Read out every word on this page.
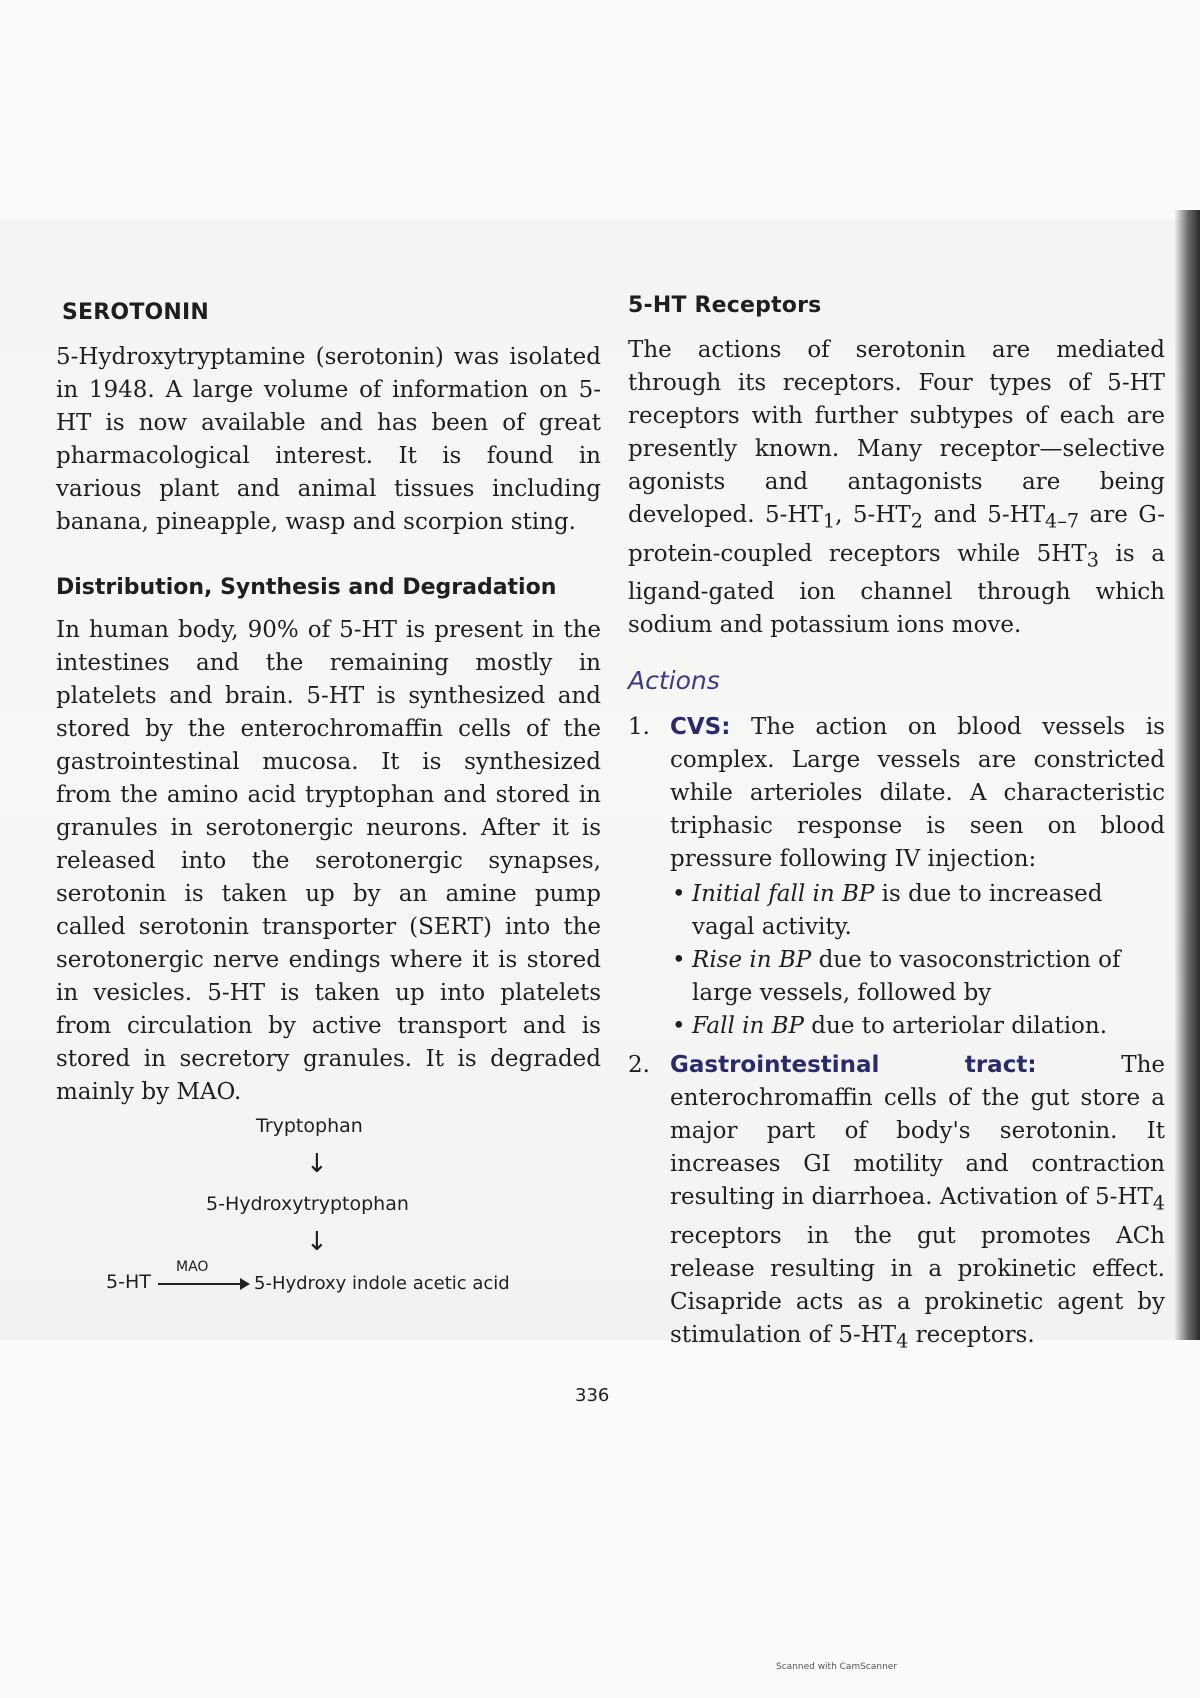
SEROTONIN

5-Hydroxytryptamine (serotonin) was isolated in 1948. A large volume of information on 5-HT is now available and has been of great pharmacological interest. It is found in various plant and animal tissues including banana, pineapple, wasp and scorpion sting.

Distribution, Synthesis and Degradation

In human body, 90% of 5-HT is present in the intestines and the remaining mostly in platelets and brain. 5-HT is synthesized and stored by the enterochromaffin cells of the gastrointestinal mucosa. It is synthesized from the amino acid tryptophan and stored in granules in serotonergic neurons. After it is released into the serotonergic synapses, serotonin is taken up by an amine pump called serotonin transporter (SERT) into the serotonergic nerve endings where it is stored in vesicles. 5-HT is taken up into platelets from circulation by active transport and is stored in secretory granules. It is degraded mainly by MAO.

Tryptophan
↓
5-Hydroxytryptophan
↓
5-HT
MAO
5-Hydroxy indole acetic acid
5-HT Receptors

The actions of serotonin are mediated through its receptors. Four types of 5-HT receptors with further subtypes of each are presently known. Many receptor—selective agonists and antagonists are being developed. $5-HT_1$, $5-HT_2$ and $5-HT_{4-7}$ are G-protein-coupled receptors while $5HT_3$ is a ligand-gated ion channel through which sodium and potassium ions move.

Actions
1. CVS: The action on blood vessels is complex. Large vessels are constricted while arterioles dilate. A characteristic triphasic response is seen on blood pressure following IV injection:

• Initial fall in BP is due to increased vagal activity.
• Rise in BP due to vasoconstriction of large vessels, followed by
• Fall in BP due to arteriolar dilation.
2. Gastrointestinal tract: The enterochromaffin cells of the gut store a major part of body's serotonin. It increases GI motility and contraction resulting in diarrhoea. Activation of $5-HT_4$ receptors in the gut promotes ACh release resulting in a prokinetic effect. Cisapride acts as a prokinetic agent by stimulation of $5-HT_4$ receptors.

336
Scanned with CamScanner
